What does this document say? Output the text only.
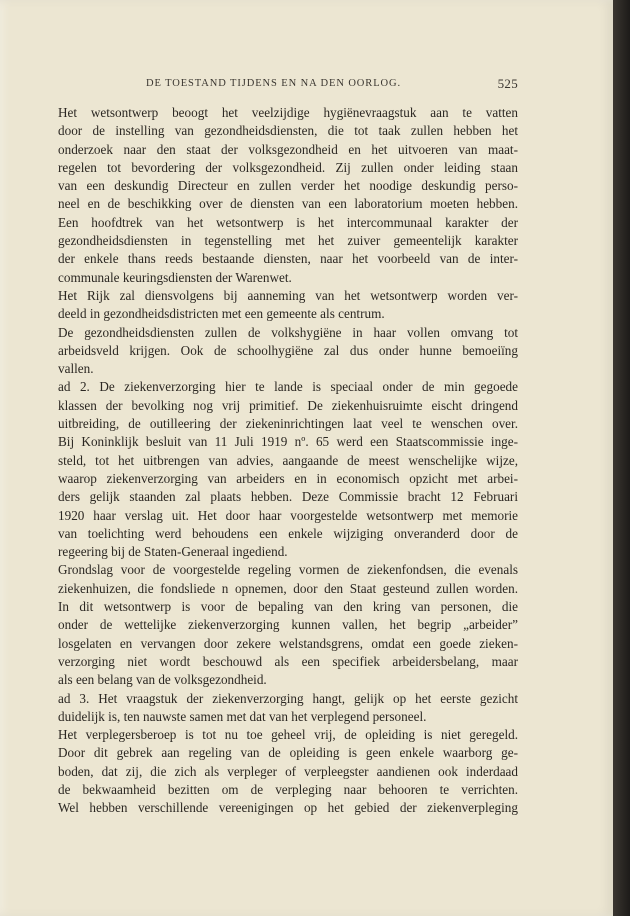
DE TOESTAND TIJDENS EN NA DEN OORLOG.	525
Het wetsontwerp beoogt het veelzijdige hygiënevraagstuk aan te vatten
door de instelling van gezondheidsdiensten, die tot taak zullen hebben het
onderzoek naar den staat der volksgezondheid en het uitvoeren van maat-
regelen tot bevordering der volksgezondheid. Zij zullen onder leiding staan
van een deskundig Directeur en zullen verder het noodige deskundig perso-
neel en de beschikking over de diensten van een laboratorium moeten hebben.
Een hoofdtrek van het wetsontwerp is het intercommunaal karakter der
gezondheidsdiensten in tegenstelling met het zuiver gemeentelijk karakter
der enkele thans reeds bestaande diensten, naar het voorbeeld van de inter-
communale keuringsdiensten der Warenwet.
Het Rijk zal diensvolgens bij aanneming van het wetsontwerp worden ver-
deeld in gezondheidsdistricten met een gemeente als centrum.
De gezondheidsdiensten zullen de volkshygiëne in haar vollen omvang tot
arbeidsveld krijgen. Ook de schoolhygiëne zal dus onder hunne bemoeiïng
vallen.
ad 2. De ziekenverzorging hier te lande is speciaal onder de min gegoede
klassen der bevolking nog vrij primitief. De ziekenhuisruimte eischt dringend
uitbreiding, de outilleering der ziekeninrichtingen laat veel te wenschen over.
Bij Koninklijk besluit van 11 Juli 1919 nº. 65 werd een Staatscommissie inge-
steld, tot het uitbrengen van advies, aangaande de meest wenschelijke wijze,
waarop ziekenverzorging van arbeiders en in economisch opzicht met arbei-
ders gelijk staanden zal plaats hebben. Deze Commissie bracht 12 Februari
1920 haar verslag uit. Het door haar voorgestelde wetsontwerp met memorie
van toelichting werd behoudens een enkele wijziging onveranderd door de
regeering bij de Staten-Generaal ingediend.
Grondslag voor de voorgestelde regeling vormen de ziekenfondsen, die evenals
ziekenhuizen, die fondsliede n opnemen, door den Staat gesteund zullen worden.
In dit wetsontwerp is voor de bepaling van den kring van personen, die
onder de wettelijke ziekenverzorging kunnen vallen, het begrip „arbeider”
losgelaten en vervangen door zekere welstandsgrens, omdat een goede zieken-
verzorging niet wordt beschouwd als een specifiek arbeidersbelang, maar
als een belang van de volksgezondheid.
ad 3. Het vraagstuk der ziekenverzorging hangt, gelijk op het eerste gezicht
duidelijk is, ten nauwste samen met dat van het verplegend personeel.
Het verplegersberoep is tot nu toe geheel vrij, de opleiding is niet geregeld.
Door dit gebrek aan regeling van de opleiding is geen enkele waarborg ge-
boden, dat zij, die zich als verpleger of verpleegster aandienen ook inderdaad
de bekwaamheid bezitten om de verpleging naar behooren te verrichten.
Wel hebben verschillende vereenigingen op het gebied der ziekenverpleging
